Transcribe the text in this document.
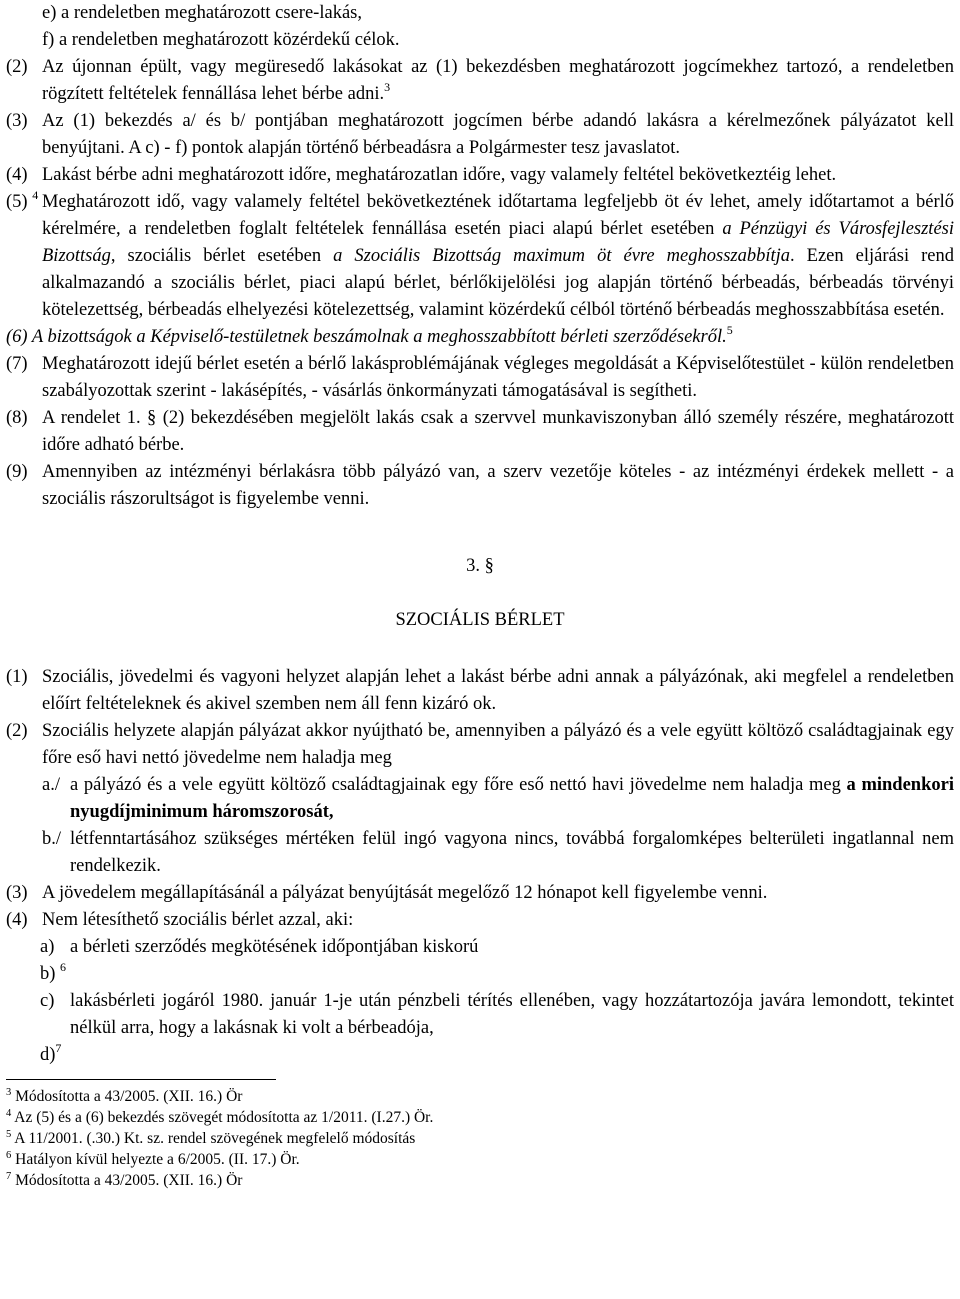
e) a rendeletben meghatározott csere-lakás,

f) a rendeletben meghatározott közérdekű célok.

(2) Az újonnan épült, vagy megüresedő lakásokat az (1) bekezdésben meghatározott jogcímekhez tartozó, a rendeletben rögzített feltételek fennállása lehet bérbe adni.$^3$

(3) Az (1) bekezdés a/ és b/ pontjában meghatározott jogcímen bérbe adandó lakásra a kérelmezőnek pályázatot kell benyújtani. A c) - f) pontok alapján történő bérbeadásra a Polgármester tesz javaslatot.

(4) Lakást bérbe adni meghatározott időre, meghatározatlan időre, vagy valamely feltétel bekövetkeztéig lehet.

(5) $^4$ Meghatározott idő, vagy valamely feltétel bekövetkeztének időtartama legfeljebb öt év lehet, amely időtartamot a bérlő kérelmére, a rendeletben foglalt feltételek fennállása esetén piaci alapú bérlet esetében a Pénzügyi és Városfejlesztési Bizottság, szociális bérlet esetében a Szociális Bizottság maximum öt évre meghosszabbítja. Ezen eljárási rend alkalmazandó a szociális bérlet, piaci alapú bérlet, bérlőkijelölési jog alapján történő bérbeadás, bérbeadás törvényi kötelezettség, bérbeadás elhelyezési kötelezettség, valamint közérdekű célból történő bérbeadás meghosszabbítása esetén.

(6) A bizottságok a Képviselő-testületnek beszámolnak a meghosszabbított bérleti szerződésekről.$^5$

(7) Meghatározott idejű bérlet esetén a bérlő lakásproblémájának végleges megoldását a Képviselőtestület - külön rendeletben szabályozottak szerint - lakásépítés, - vásárlás önkormányzati támogatásával is segítheti.

(8) A rendelet 1. § (2) bekezdésében megjelölt lakás csak a szervvel munkaviszonyban álló személy részére, meghatározott időre adható bérbe.

(9) Amennyiben az intézményi bérlakásra több pályázó van, a szerv vezetője köteles - az intézményi érdekek mellett - a szociális rászorultságot is figyelembe venni.

3. §

SZOCIÁLIS BÉRLET

(1) Szociális, jövedelmi és vagyoni helyzet alapján lehet a lakást bérbe adni annak a pályázónak, aki megfelel a rendeletben előírt feltételeknek és akivel szemben nem áll fenn kizáró ok.

(2) Szociális helyzete alapján pályázat akkor nyújtható be, amennyiben a pályázó és a vele együtt költöző családtagjainak egy főre eső havi nettó jövedelme nem haladja meg

a./ a pályázó és a vele együtt költöző családtagjainak egy főre eső nettó havi jövedelme nem haladja meg a mindenkori nyugdíjminimum háromszorosát,

b./ létfenntartásához szükséges mértéken felül ingó vagyona nincs, továbbá forgalomképes belterületi ingatlannal nem rendelkezik.

(3) A jövedelem megállapításánál a pályázat benyújtását megelőző 12 hónapot kell figyelembe venni.

(4) Nem létesíthető szociális bérlet azzal, aki:

a) a bérleti szerződés megkötésének időpontjában kiskorú

b) $^6$

c) lakásbérleti jogáról 1980. január 1-je után pénzbeli térítés ellenében, vagy hozzátartozója javára lemondott, tekintet nélkül arra, hogy a lakásnak ki volt a bérbeadója,

d)$^7$

$^3$ Módosította a 43/2005. (XII. 16.) Ör

$^4$ Az (5) és a (6) bekezdés szövegét módosította az 1/2011. (I.27.) Ör.

$^5$ A 11/2001. (.30.) Kt. sz. rendel szövegének megfelelő módosítás

$^6$ Hatályon kívül helyezte a 6/2005. (II. 17.) Ör.

$^7$ Módosította a 43/2005. (XII. 16.) Ör
